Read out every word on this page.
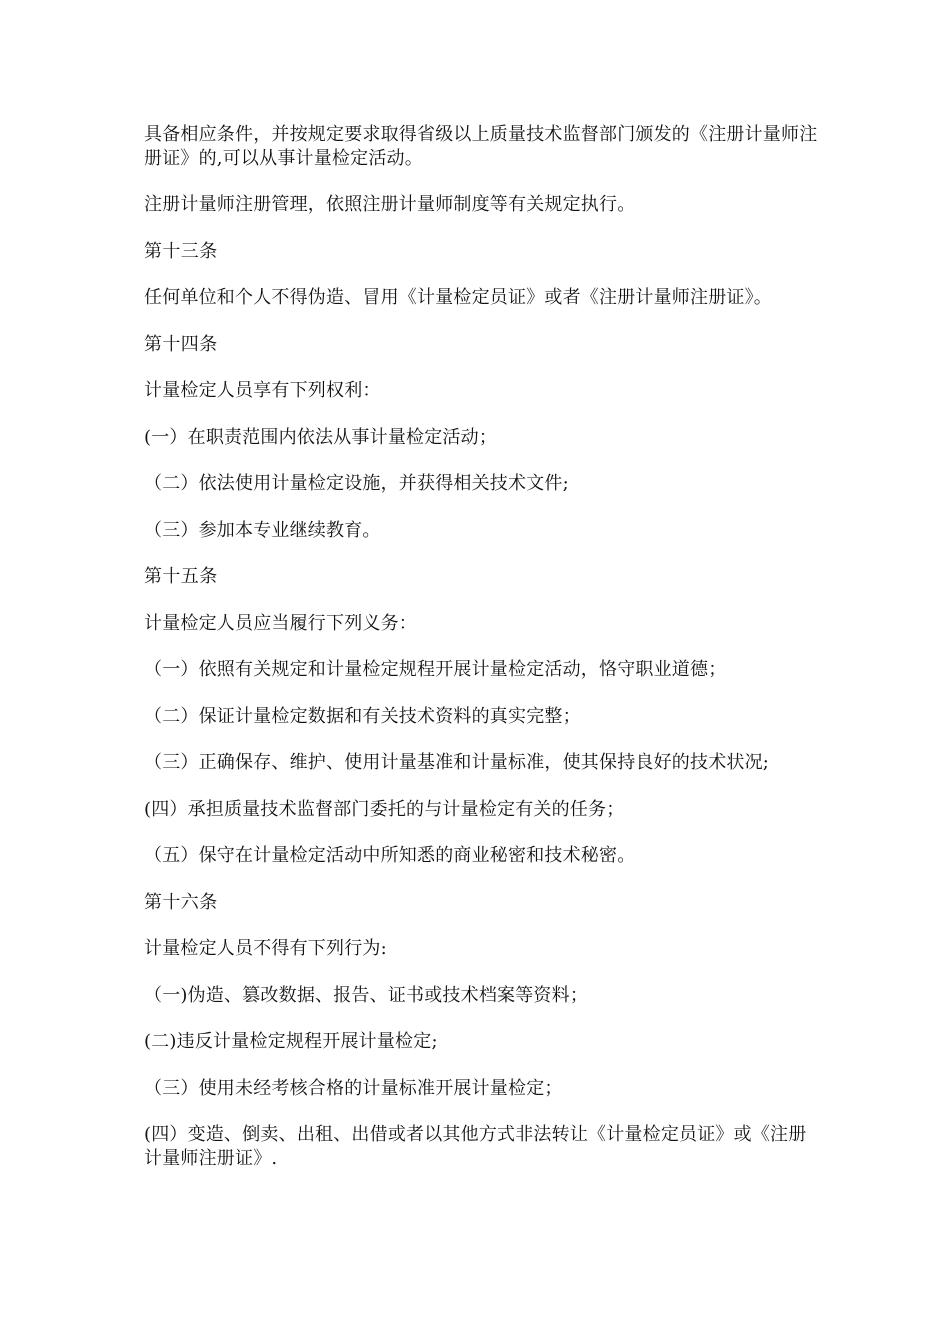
具备相应条件，并按规定要求取得省级以上质量技术监督部门颁发的《注册计量师注册证》的,可以从事计量检定活动。

注册计量师注册管理，依照注册计量师制度等有关规定执行。

第十三条

任何单位和个人不得伪造、冒用《计量检定员证》或者《注册计量师注册证》。

第十四条

计量检定人员享有下列权利：

(一）在职责范围内依法从事计量检定活动；

（二）依法使用计量检定设施，并获得相关技术文件;

（三）参加本专业继续教育。

第十五条

计量检定人员应当履行下列义务：

（一）依照有关规定和计量检定规程开展计量检定活动，恪守职业道德；

（二）保证计量检定数据和有关技术资料的真实完整；

（三）正确保存、维护、使用计量基准和计量标准，使其保持良好的技术状况;

(四）承担质量技术监督部门委托的与计量检定有关的任务；

（五）保守在计量检定活动中所知悉的商业秘密和技术秘密。

第十六条

计量检定人员不得有下列行为:

（一)伪造、篡改数据、报告、证书或技术档案等资料；

(二)违反计量检定规程开展计量检定;

（三）使用未经考核合格的计量标准开展计量检定；

(四）变造、倒卖、出租、出借或者以其他方式非法转让《计量检定员证》或《注册计量师注册证》.
